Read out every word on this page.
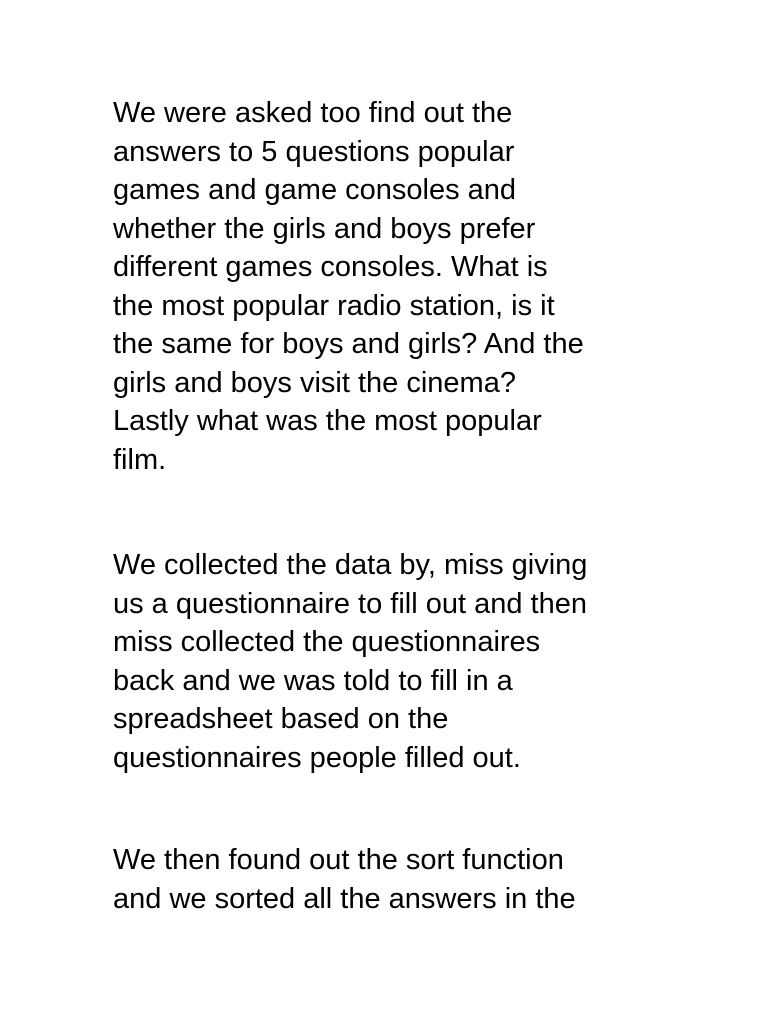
We were asked too find out the
answers to 5 questions popular
games and game consoles and
whether the girls and boys prefer
different games consoles. What is
the most popular radio station, is it
the same for boys and girls? And the
girls and boys visit the cinema?
Lastly what was the most popular
film.
We collected the data by, miss giving
us a questionnaire to fill out and then
miss collected the questionnaires
back and we was told to fill in a
spreadsheet based on the
questionnaires people filled out.
We then found out the sort function
and we sorted all the answers in the
